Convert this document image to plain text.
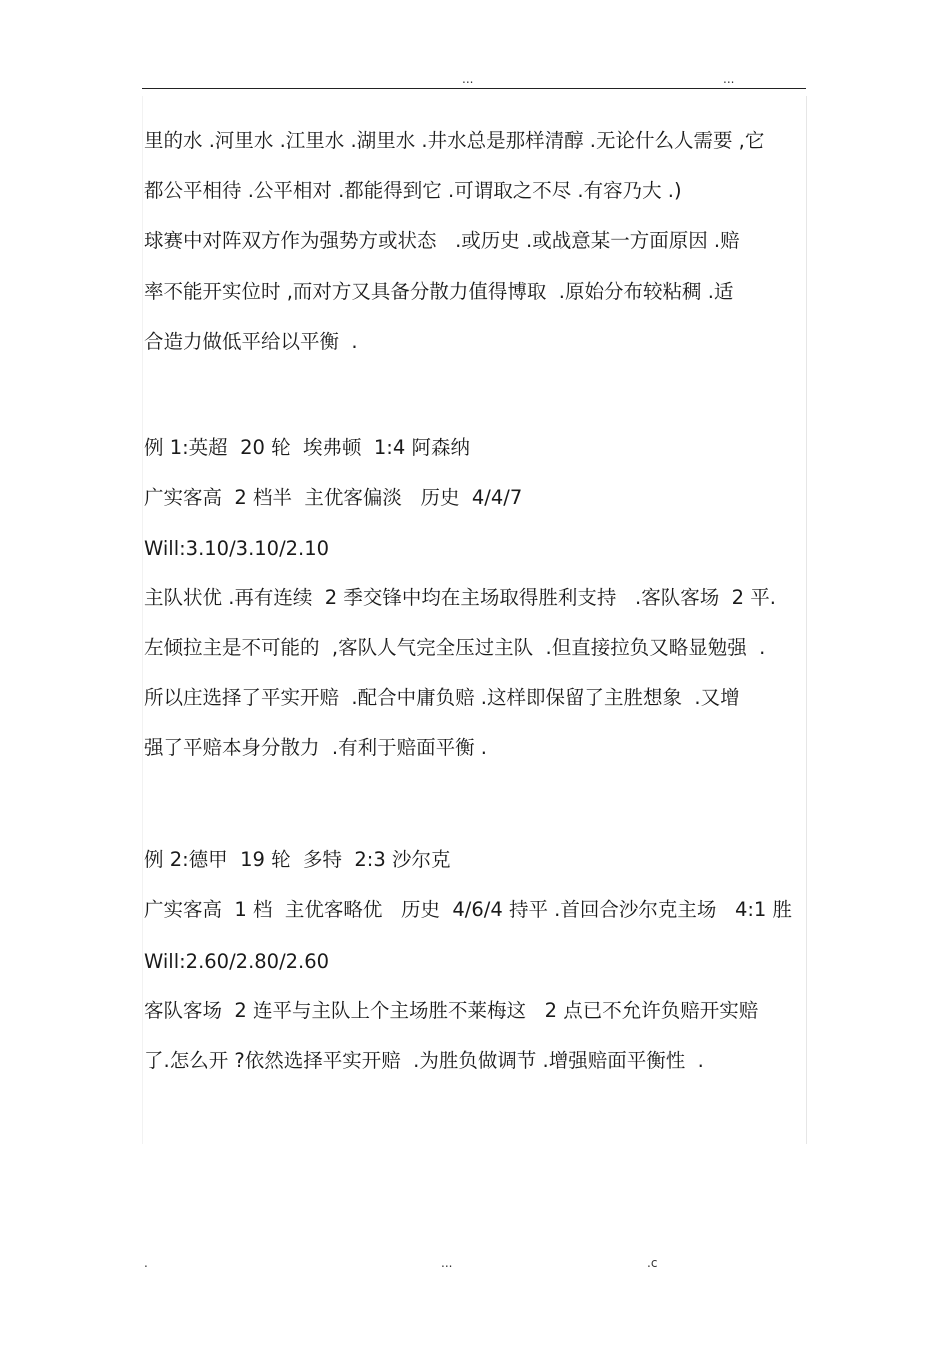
...	...

里的水 .河里水 .江里水 .湖里水 .井水总是那样清醇 .无论什么人需要 ,它

都公平相待 .公平相对 .都能得到它 .可谓取之不尽 .有容乃大 .)

球赛中对阵双方作为强势方或状态   .或历史 .或战意某一方面原因 .赔

率不能开实位时 ,而对方又具备分散力值得博取  .原始分布较粘稠 .适

合造力做低平给以平衡  .

例 1:英超  20 轮  埃弗顿  1:4 阿森纳

广实客高  2 档半  主优客偏淡   历史  4/4/7

Will:3.10/3.10/2.10

主队状优 .再有连续  2 季交锋中均在主场取得胜利支持   .客队客场  2 平.

左倾拉主是不可能的  ,客队人气完全压过主队  .但直接拉负又略显勉强  .

所以庄选择了平实开赔  .配合中庸负赔 .这样即保留了主胜想象  .又增

强了平赔本身分散力  .有利于赔面平衡 .

例 2:德甲  19 轮  多特  2:3 沙尔克

广实客高  1 档  主优客略优   历史  4/6/4 持平 .首回合沙尔克主场   4:1 胜

Will:2.60/2.80/2.60

客队客场  2 连平与主队上个主场胜不莱梅这   2 点已不允许负赔开实赔

了.怎么开 ?依然选择平实开赔  .为胜负做调节 .增强赔面平衡性  .

.	...	.c
